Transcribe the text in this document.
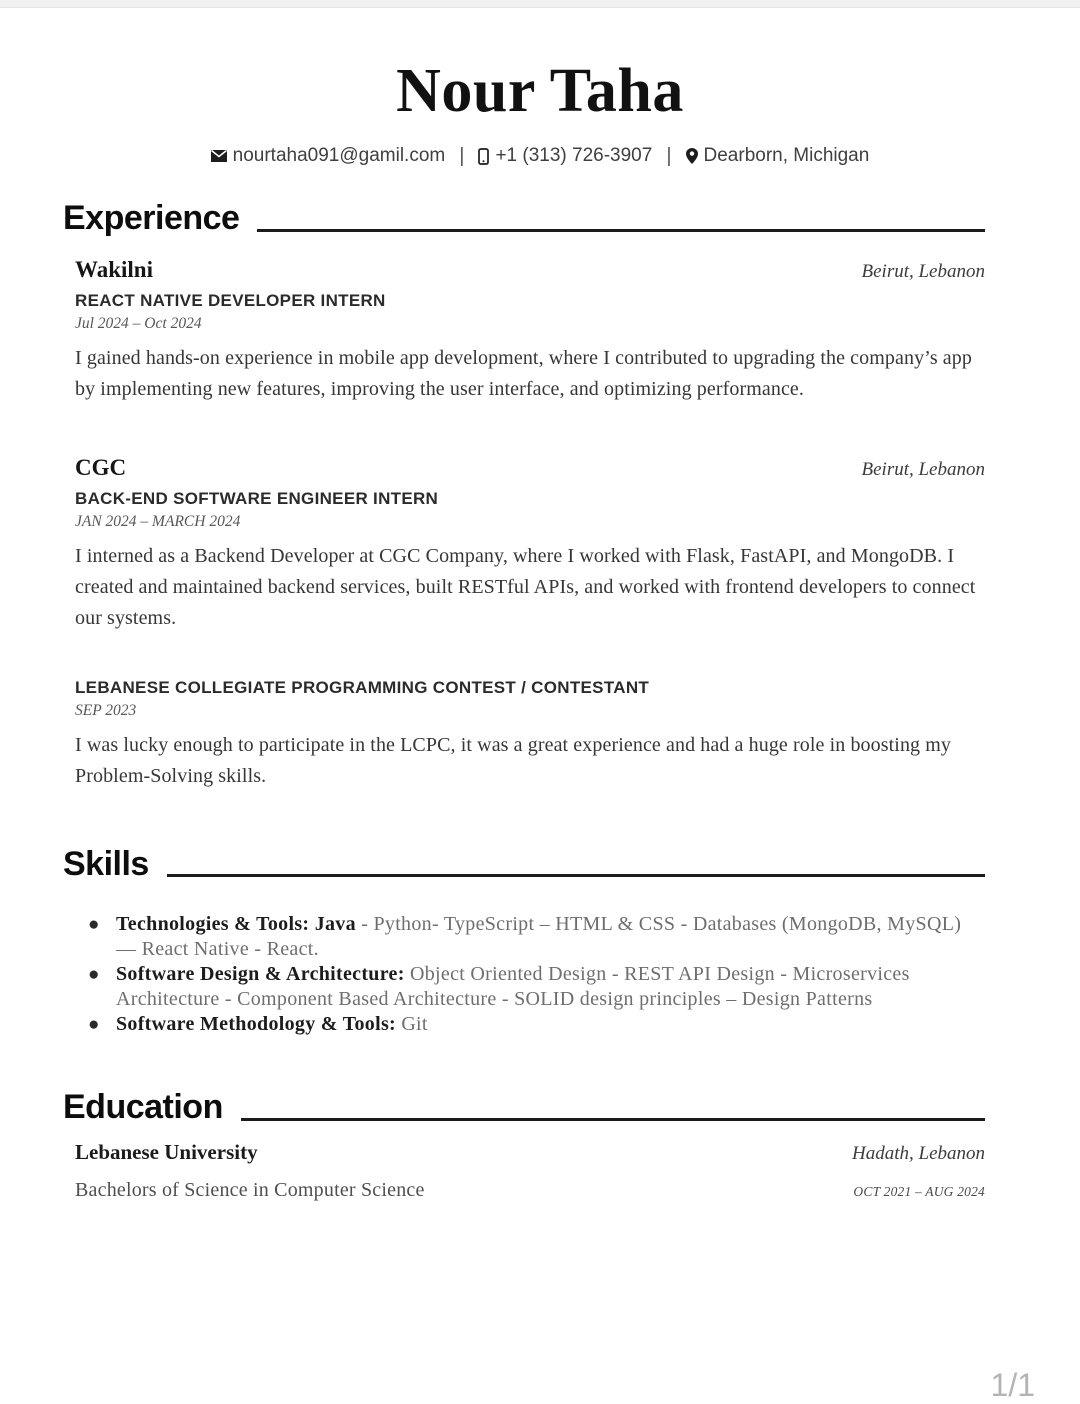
Nour Taha
nourtaha091@gamil.com | +1 (313) 726-3907 | Dearborn, Michigan
Experience
Wakilni	Beirut, Lebanon
REACT NATIVE DEVELOPER INTERN
Jul 2024 – Oct 2024

I gained hands-on experience in mobile app development, where I contributed to upgrading the company’s app by implementing new features, improving the user interface, and optimizing performance.

CGC	Beirut, Lebanon
BACK-END SOFTWARE ENGINEER INTERN
JAN 2024 – MARCH 2024

I interned as a Backend Developer at CGC Company, where I worked with Flask, FastAPI, and MongoDB. I created and maintained backend services, built RESTful APIs, and worked with frontend developers to connect our systems.

LEBANESE COLLEGIATE PROGRAMMING CONTEST / CONTESTANT
SEP 2023

I was lucky enough to participate in the LCPC, it was a great experience and had a huge role in boosting my Problem-Solving skills.

Skills
● Technologies & Tools: Java - Python- TypeScript – HTML & CSS - Databases (MongoDB, MySQL) — React Native - React.

● Software Design & Architecture: Object Oriented Design - REST API Design - Microservices Architecture - Component Based Architecture - SOLID design principles – Design Patterns

● Software Methodology & Tools: Git

Education
Lebanese University	Hadath, Lebanon
Bachelors of Science in Computer Science	OCT 2021 – AUG 2024
1/1
